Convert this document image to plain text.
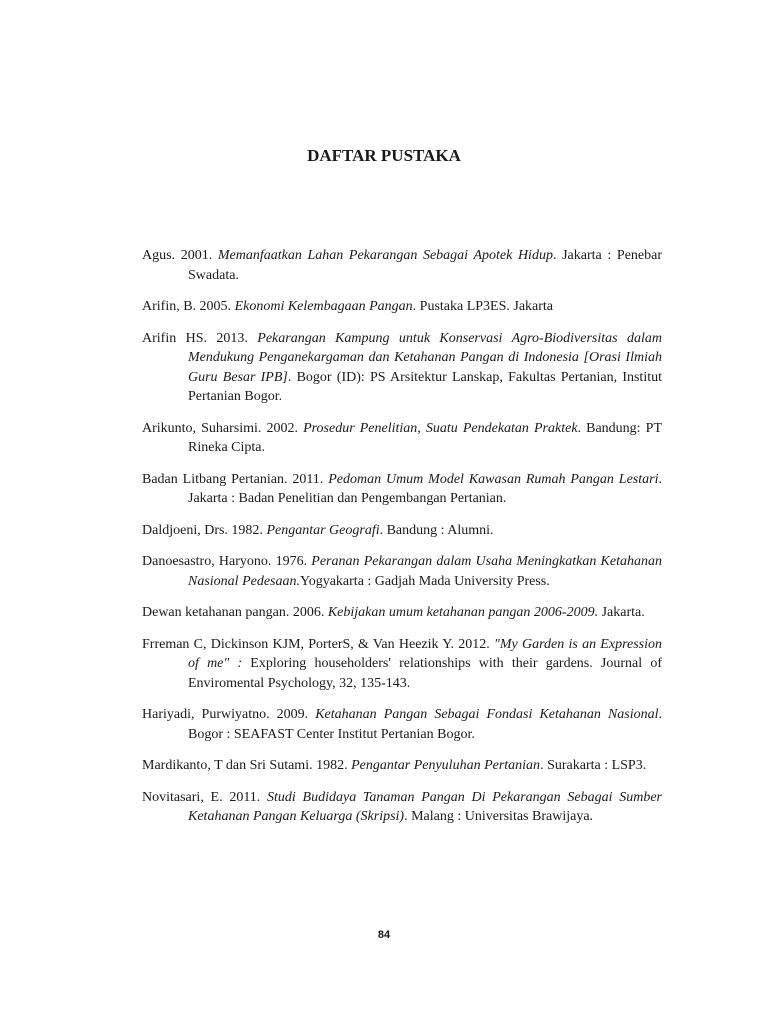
DAFTAR PUSTAKA

Agus. 2001. Memanfaatkan Lahan Pekarangan Sebagai Apotek Hidup. Jakarta : Penebar Swadata.

Arifin, B. 2005. Ekonomi Kelembagaan Pangan. Pustaka LP3ES. Jakarta

Arifin HS. 2013. Pekarangan Kampung untuk Konservasi Agro-Biodiversitas dalam Mendukung Penganekargaman dan Ketahanan Pangan di Indonesia [Orasi Ilmiah Guru Besar IPB]. Bogor (ID): PS Arsitektur Lanskap, Fakultas Pertanian, Institut Pertanian Bogor.

Arikunto, Suharsimi. 2002. Prosedur Penelitian, Suatu Pendekatan Praktek. Bandung: PT Rineka Cipta.

Badan Litbang Pertanian. 2011. Pedoman Umum Model Kawasan Rumah Pangan Lestari. Jakarta : Badan Penelitian dan Pengembangan Pertanian.

Daldjoeni, Drs. 1982. Pengantar Geografi. Bandung : Alumni.

Danoesastro, Haryono. 1976. Peranan Pekarangan dalam Usaha Meningkatkan Ketahanan Nasional Pedesaan.Yogyakarta : Gadjah Mada University Press.

Dewan ketahanan pangan. 2006. Kebijakan umum ketahanan pangan 2006-2009. Jakarta.

Frreman C, Dickinson KJM, PorterS, & Van Heezik Y. 2012. "My Garden is an Expression of me" : Exploring householders' relationships with their gardens. Journal of Enviromental Psychology, 32, 135-143.

Hariyadi, Purwiyatno. 2009. Ketahanan Pangan Sebagai Fondasi Ketahanan Nasional. Bogor : SEAFAST Center Institut Pertanian Bogor.

Mardikanto, T dan Sri Sutami. 1982. Pengantar Penyuluhan Pertanian. Surakarta : LSP3.

Novitasari, E. 2011. Studi Budidaya Tanaman Pangan Di Pekarangan Sebagai Sumber Ketahanan Pangan Keluarga (Skripsi). Malang : Universitas Brawijaya.

84
